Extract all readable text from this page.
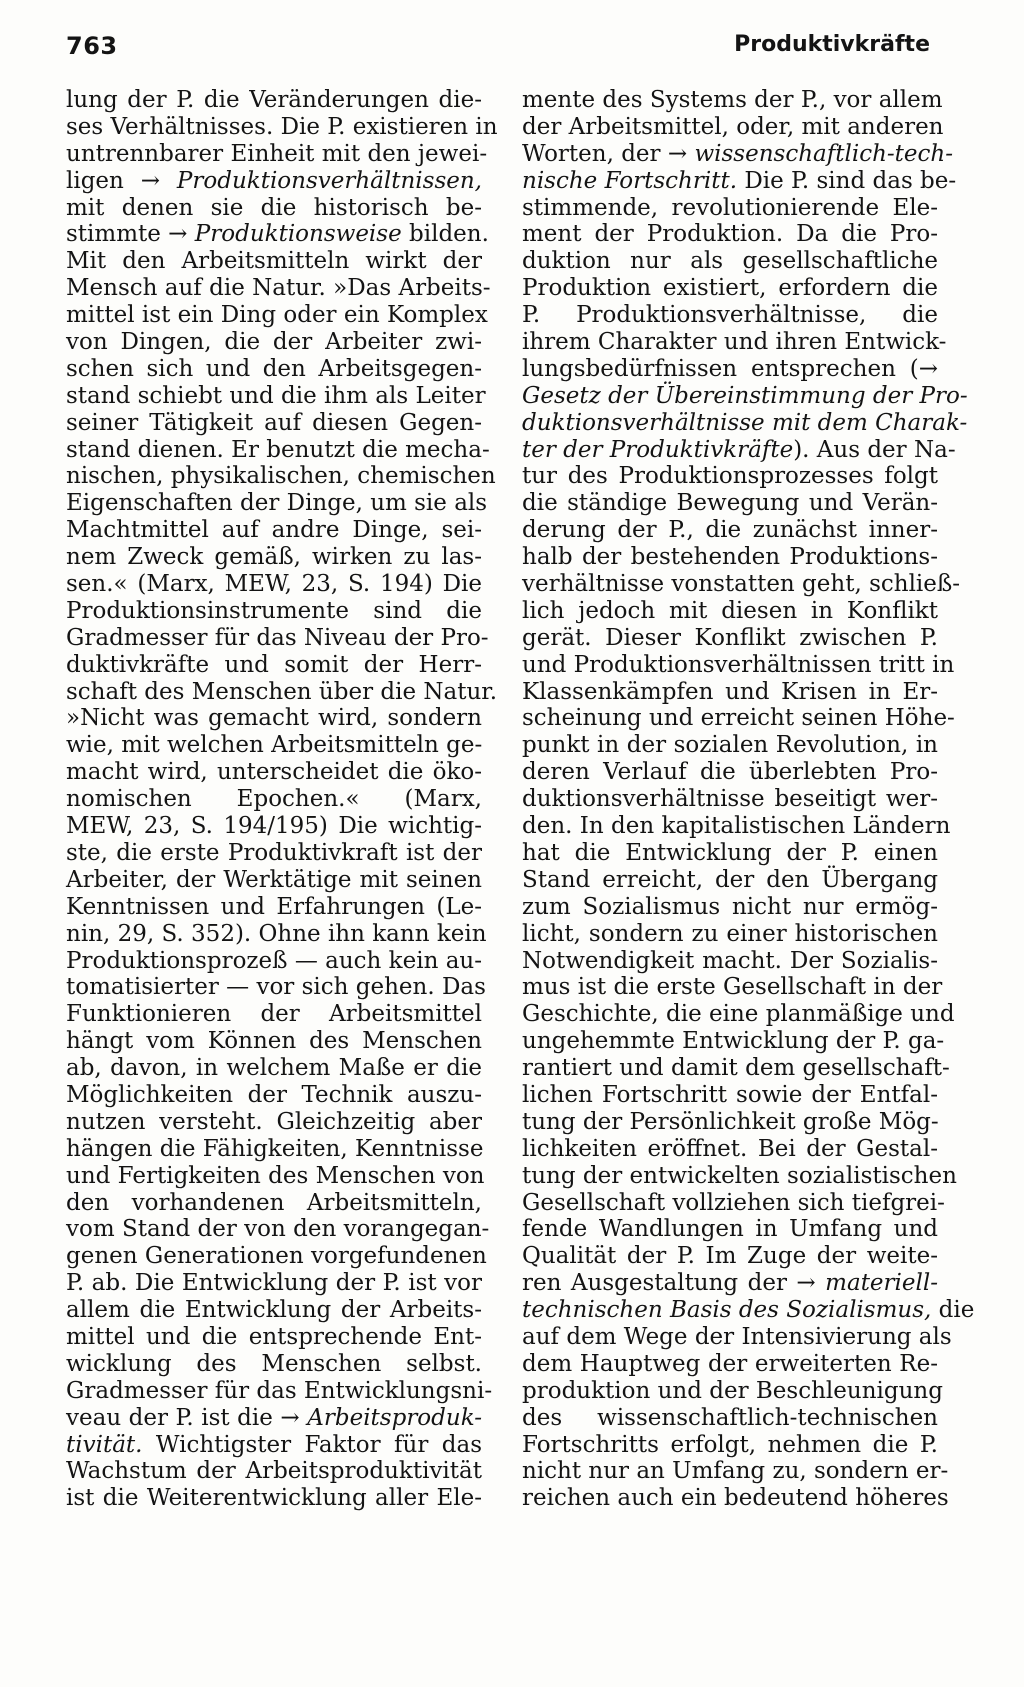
763	Produktivkräfte
lung der P. die Veränderungen die-
ses Verhältnisses. Die P. existieren in
untrennbarer Einheit mit den jewei-
ligen → Produktionsverhältnissen,
mit denen sie die historisch be-
stimmte → Produktionsweise bilden.
Mit den Arbeitsmitteln wirkt der
Mensch auf die Natur. »Das Arbeits-
mittel ist ein Ding oder ein Komplex
von Dingen, die der Arbeiter zwi-
schen sich und den Arbeitsgegen-
stand schiebt und die ihm als Leiter
seiner Tätigkeit auf diesen Gegen-
stand dienen. Er benutzt die mecha-
nischen, physikalischen, chemischen
Eigenschaften der Dinge, um sie als
Machtmittel auf andre Dinge, sei-
nem Zweck gemäß, wirken zu las-
sen.« (Marx, MEW, 23, S. 194) Die
Produktionsinstrumente sind die
Gradmesser für das Niveau der Pro-
duktivkräfte und somit der Herr-
schaft des Menschen über die Natur.
»Nicht was gemacht wird, sondern
wie, mit welchen Arbeitsmitteln ge-
macht wird, unterscheidet die öko-
nomischen Epochen.« (Marx,
MEW, 23, S. 194/195) Die wichtig-
ste, die erste Produktivkraft ist der
Arbeiter, der Werktätige mit seinen
Kenntnissen und Erfahrungen (Le-
nin, 29, S. 352). Ohne ihn kann kein
Produktionsprozeß — auch kein au-
tomatisierter — vor sich gehen. Das
Funktionieren der Arbeitsmittel
hängt vom Können des Menschen
ab, davon, in welchem Maße er die
Möglichkeiten der Technik auszu-
nutzen versteht. Gleichzeitig aber
hängen die Fähigkeiten, Kenntnisse
und Fertigkeiten des Menschen von
den vorhandenen Arbeitsmitteln,
vom Stand der von den vorangegan-
genen Generationen vorgefundenen
P. ab. Die Entwicklung der P. ist vor
allem die Entwicklung der Arbeits-
mittel und die entsprechende Ent-
wicklung des Menschen selbst.
Gradmesser für das Entwicklungsni-
veau der P. ist die → Arbeitsproduk-
tivität. Wichtigster Faktor für das
Wachstum der Arbeitsproduktivität
ist die Weiterentwicklung aller Ele-
mente des Systems der P., vor allem
der Arbeitsmittel, oder, mit anderen
Worten, der → wissenschaftlich-tech-
nische Fortschritt. Die P. sind das be-
stimmende, revolutionierende Ele-
ment der Produktion. Da die Pro-
duktion nur als gesellschaftliche
Produktion existiert, erfordern die
P. Produktionsverhältnisse, die
ihrem Charakter und ihren Entwick-
lungsbedürfnissen entsprechen (→
Gesetz der Übereinstimmung der Pro-
duktionsverhältnisse mit dem Charak-
ter der Produktivkräfte). Aus der Na-
tur des Produktionsprozesses folgt
die ständige Bewegung und Verän-
derung der P., die zunächst inner-
halb der bestehenden Produktions-
verhältnisse vonstatten geht, schließ-
lich jedoch mit diesen in Konflikt
gerät. Dieser Konflikt zwischen P.
und Produktionsverhältnissen tritt in
Klassenkämpfen und Krisen in Er-
scheinung und erreicht seinen Höhe-
punkt in der sozialen Revolution, in
deren Verlauf die überlebten Pro-
duktionsverhältnisse beseitigt wer-
den. In den kapitalistischen Ländern
hat die Entwicklung der P. einen
Stand erreicht, der den Übergang
zum Sozialismus nicht nur ermög-
licht, sondern zu einer historischen
Notwendigkeit macht. Der Sozialis-
mus ist die erste Gesellschaft in der
Geschichte, die eine planmäßige und
ungehemmte Entwicklung der P. ga-
rantiert und damit dem gesellschaft-
lichen Fortschritt sowie der Entfal-
tung der Persönlichkeit große Mög-
lichkeiten eröffnet. Bei der Gestal-
tung der entwickelten sozialistischen
Gesellschaft vollziehen sich tiefgrei-
fende Wandlungen in Umfang und
Qualität der P. Im Zuge der weite-
ren Ausgestaltung der → materiell-
technischen Basis des Sozialismus, die
auf dem Wege der Intensivierung als
dem Hauptweg der erweiterten Re-
produktion und der Beschleunigung
des wissenschaftlich-technischen
Fortschritts erfolgt, nehmen die P.
nicht nur an Umfang zu, sondern er-
reichen auch ein bedeutend höheres
